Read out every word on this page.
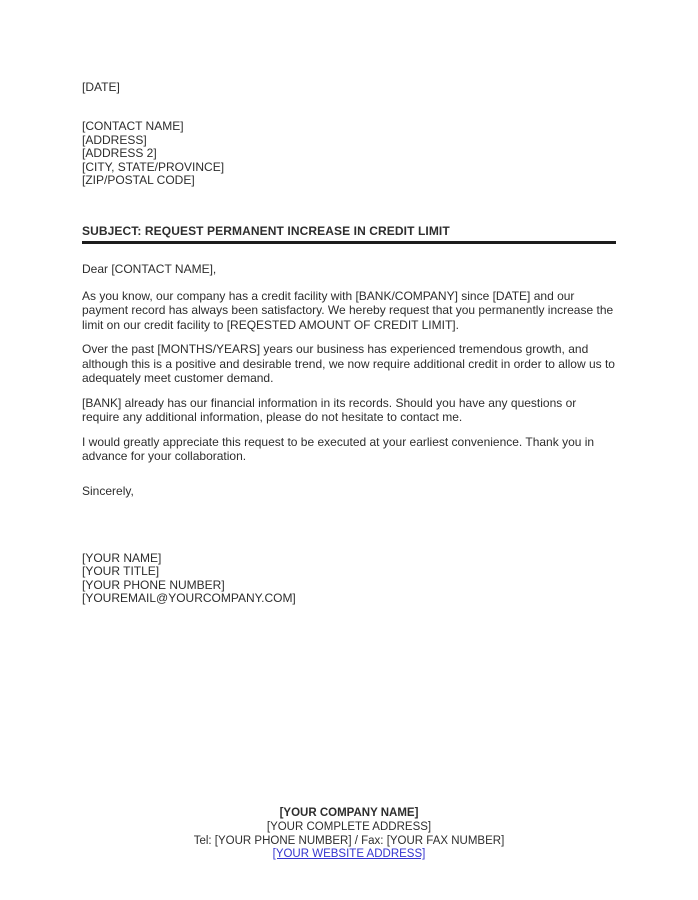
[DATE]
[CONTACT NAME]
[ADDRESS]
[ADDRESS 2]
[CITY, STATE/PROVINCE]
[ZIP/POSTAL CODE]
SUBJECT: REQUEST PERMANENT INCREASE IN CREDIT LIMIT
Dear [CONTACT NAME],

As you know, our company has a credit facility with [BANK/COMPANY] since [DATE] and our payment record has always been satisfactory. We hereby request that you permanently increase the limit on our credit facility to [REQESTED AMOUNT OF CREDIT LIMIT].

Over the past [MONTHS/YEARS] years our business has experienced tremendous growth, and although this is a positive and desirable trend, we now require additional credit in order to allow us to adequately meet customer demand.

[BANK] already has our financial information in its records. Should you have any questions or require any additional information, please do not hesitate to contact me.

I would greatly appreciate this request to be executed at your earliest convenience. Thank you in advance for your collaboration.

Sincerely,
[YOUR NAME]
[YOUR TITLE]
[YOUR PHONE NUMBER]
[YOUREMAIL@YOURCOMPANY.COM]
[YOUR COMPANY NAME]
[YOUR COMPLETE ADDRESS]
Tel: [YOUR PHONE NUMBER] / Fax: [YOUR FAX NUMBER]
[YOUR WEBSITE ADDRESS]
